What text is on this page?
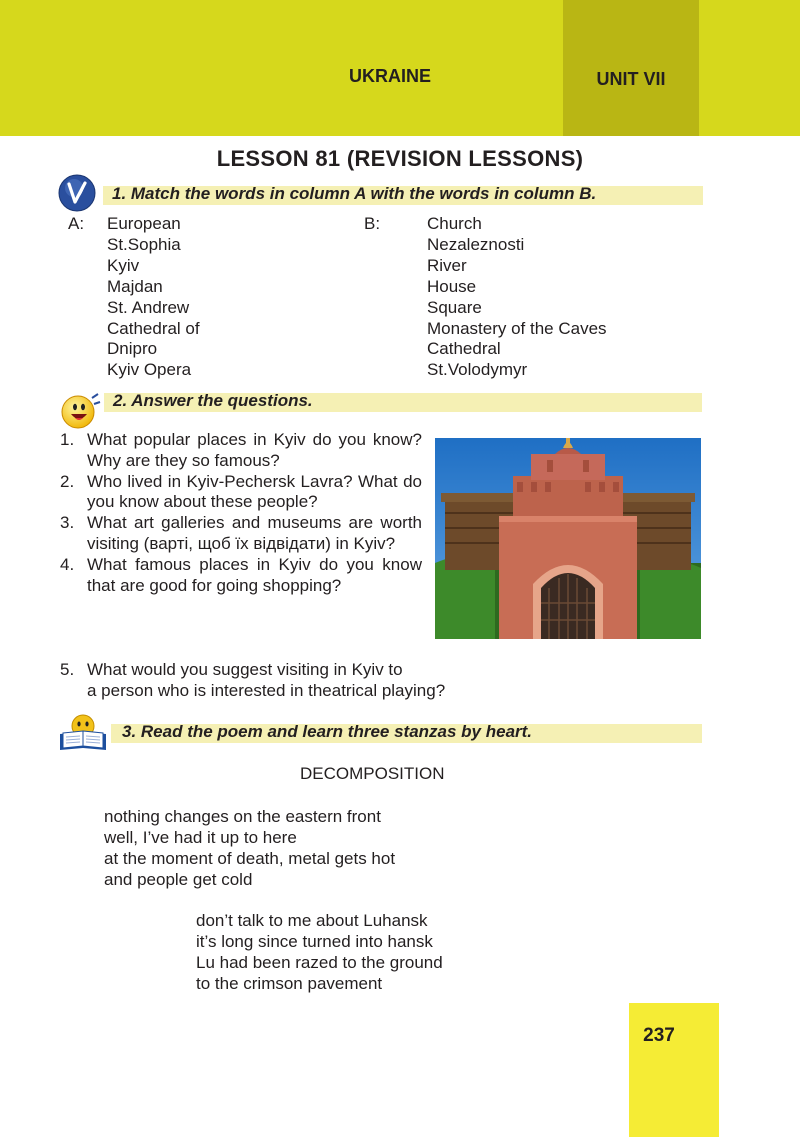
UKRAINE	UNIT VII
LESSON 81 (REVISION LESSONS)
1. Match the words in column A with the words in column B.
A: European
St.Sophia
Kyiv
Majdan
St. Andrew
Cathedral of
Dnipro
Kyiv Opera
B:	Church
Nezaleznosti
River
House
Square
Monastery of the Caves
Cathedral
St.Volodymyr
2. Answer the questions.
1. What popular places in Kyiv do you know? Why are they so famous?
2. Who lived in Kyiv-Pechersk Lavra? What do you know about these people?
3. What art galleries and museums are worth visiting (варті, щоб їх відвідати) in Kyiv?
4. What famous places in Kyiv do you know that are good for going shopping?
5. What would you suggest visiting in Kyiv to
a person who is interested in theatrical playing?
3. Read the poem and learn three stanzas by heart.
DECOMPOSITION
nothing changes on the eastern front
well, I’ve had it up to here
at the moment of death, metal gets hot
and people get cold
don’t talk to me about Luhansk
it’s long since turned into hansk
Lu had been razed to the ground
to the crimson pavement
237
